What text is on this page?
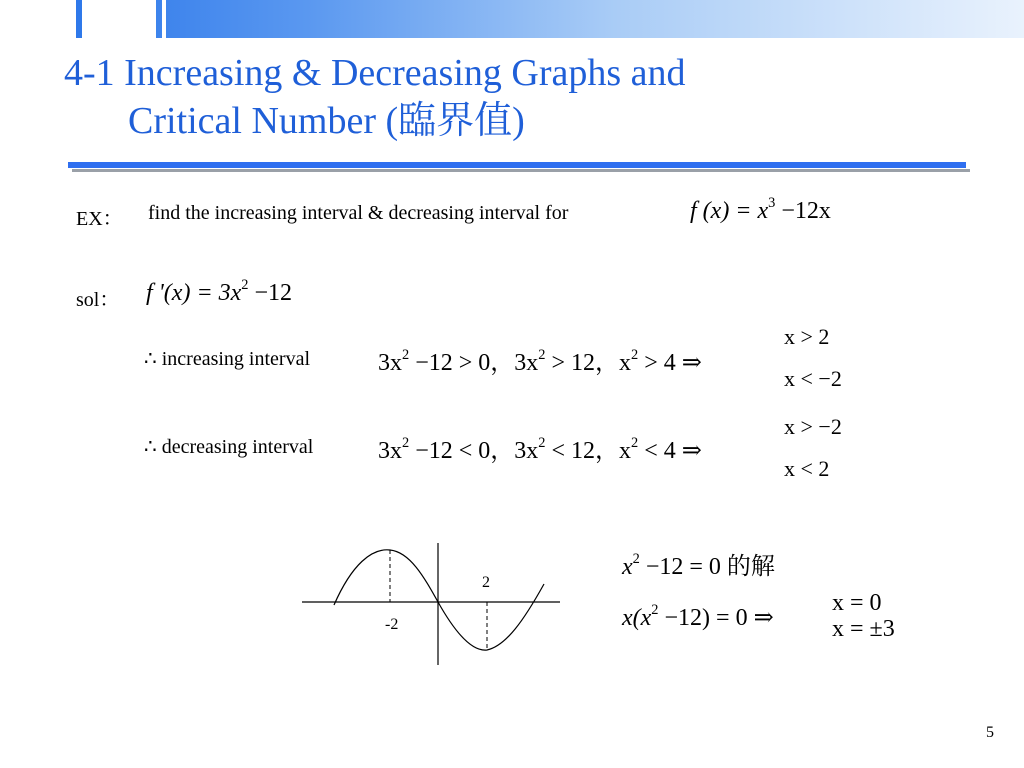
4-1 Increasing & Decreasing Graphs and
Critical Number (臨界值)
EX： find the increasing interval & decreasing interval for	f $(x) = x^3 -12x$
sol： f '$(x) = 3x^2 -12$
∴ increasing interval	$3x^2 -12 > 0$，$3x^2 > 12$，$x^2 > 4$ ⇒
x > 2
x < −2
∴ decreasing interval	$3x^2 -12 < 0$，$3x^2 < 12$，$x^2 < 4$ ⇒
x > −2
x < 2
2
-2
$x^2 -12 = 0$ 的解
$x(x^2 -12) = 0$ ⇒
x = 0
x = ±3
5
